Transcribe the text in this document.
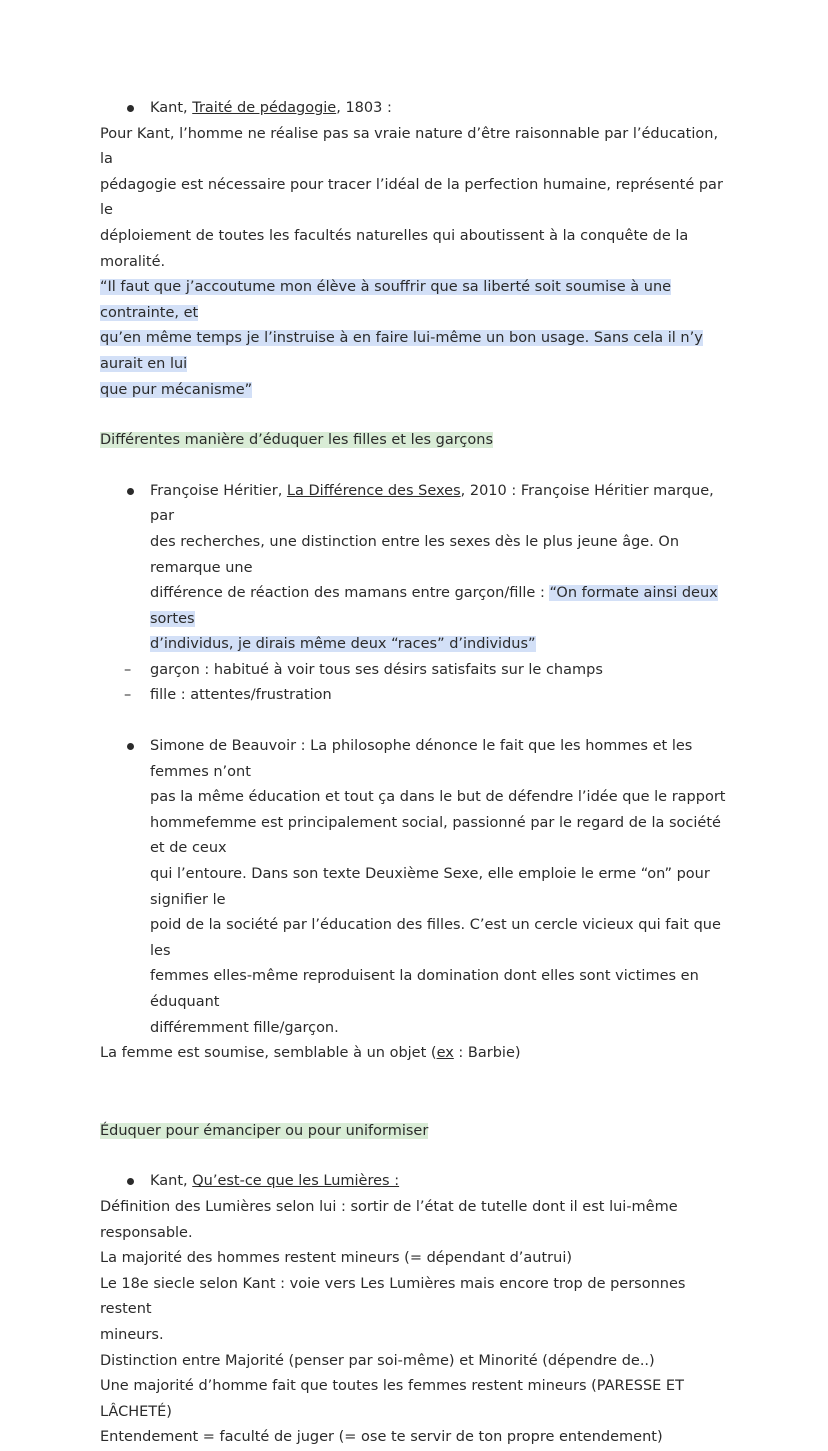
Kant, Traité de pédagogie, 1803 :

Pour Kant, l’homme ne réalise pas sa vraie nature d’être raisonnable par l’éducation, la

pédagogie est nécessaire pour tracer l’idéal de la perfection humaine, représenté par le

déploiement de toutes les facultés naturelles qui aboutissent à la conquête de la moralité.

“Il faut que j’accoutume mon élève à souffrir que sa liberté soit soumise à une contrainte, et

qu’en même temps je l’instruise à en faire lui-même un bon usage. Sans cela il n’y aurait en lui

que pur mécanisme”

Différentes manière d’éduquer les filles et les garçons

Françoise Héritier, La Différence des Sexes, 2010 : Françoise Héritier marque, par

des recherches, une distinction entre les sexes dès le plus jeune âge. On remarque une

différence de réaction des mamans entre garçon/fille : “On formate ainsi deux sortes

d’individus, je dirais même deux “races” d’individus”

– garçon : habitué à voir tous ses désirs satisfaits sur le champs

– fille : attentes/frustration

Simone de Beauvoir : La philosophe dénonce le fait que les hommes et les femmes n’ont

pas la même éducation et tout ça dans le but de défendre l’idée que le rapport

hommefemme est principalement social, passionné par le regard de la société et de ceux

qui l’entoure. Dans son texte Deuxième Sexe, elle emploie le erme “on” pour signifier le

poid de la société par l’éducation des filles. C’est un cercle vicieux qui fait que les

femmes elles-même reproduisent la domination dont elles sont victimes en éduquant

différemment fille/garçon.

La femme est soumise, semblable à un objet (ex : Barbie)

Éduquer pour émanciper ou pour uniformiser

Kant, Qu’est-ce que les Lumières :

Définition des Lumières selon lui : sortir de l’état de tutelle dont il est lui-même responsable.

La majorité des hommes restent mineurs (= dépendant d’autrui)

Le 18e siecle selon Kant : voie vers Les Lumières mais encore trop de personnes restent

mineurs.

Distinction entre Majorité (penser par soi-même) et Minorité (dépendre de..)

Une majorité d’homme fait que toutes les femmes restent mineurs (PARESSE ET LÂCHETÉ)

Entendement = faculté de juger (= ose te servir de ton propre entendement)
